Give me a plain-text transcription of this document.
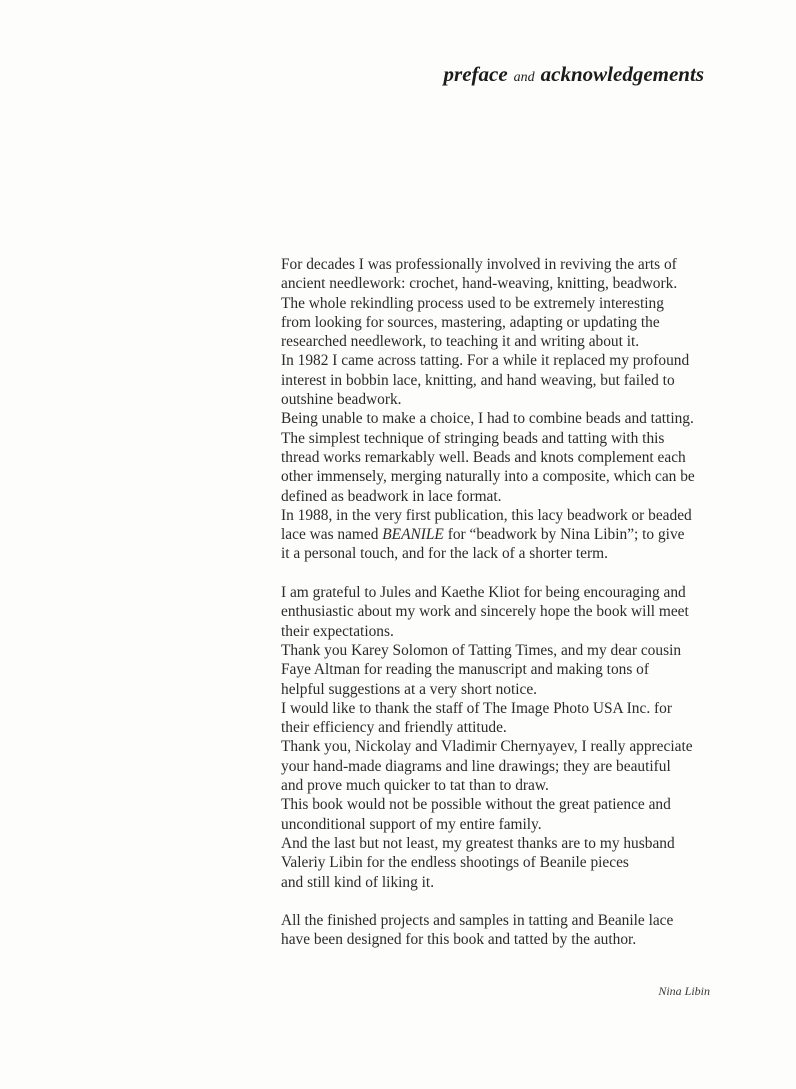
preface and acknowledgements

For decades I was professionally involved in reviving the arts of
ancient needlework: crochet, hand-weaving, knitting, beadwork.
The whole rekindling process used to be extremely interesting
from looking for sources, mastering, adapting or updating the
researched needlework, to teaching it and writing about it.
In 1982 I came across tatting. For a while it replaced my profound
interest in bobbin lace, knitting, and hand weaving, but failed to
outshine beadwork.
Being unable to make a choice, I had to combine beads and tatting.
The simplest technique of stringing beads and tatting with this
thread works remarkably well. Beads and knots complement each
other immensely, merging naturally into a composite, which can be
defined as beadwork in lace format.
In 1988, in the very first publication, this lacy beadwork or beaded
lace was named BEANILE for “beadwork by Nina Libin”; to give
it a personal touch, and for the lack of a shorter term.

I am grateful to Jules and Kaethe Kliot for being encouraging and
enthusiastic about my work and sincerely hope the book will meet
their expectations.
Thank you Karey Solomon of Tatting Times, and my dear cousin
Faye Altman for reading the manuscript and making tons of
helpful suggestions at a very short notice.
I would like to thank the staff of The Image Photo USA Inc. for
their efficiency and friendly attitude.
Thank you, Nickolay and Vladimir Chernyayev, I really appreciate
your hand-made diagrams and line drawings; they are beautiful
and prove much quicker to tat than to draw.
This book would not be possible without the great patience and
unconditional support of my entire family.
And the last but not least, my greatest thanks are to my husband
Valeriy Libin for the endless shootings of Beanile pieces
and still kind of liking it.

All the finished projects and samples in tatting and Beanile lace
have been designed for this book and tatted by the author.

Nina Libin
